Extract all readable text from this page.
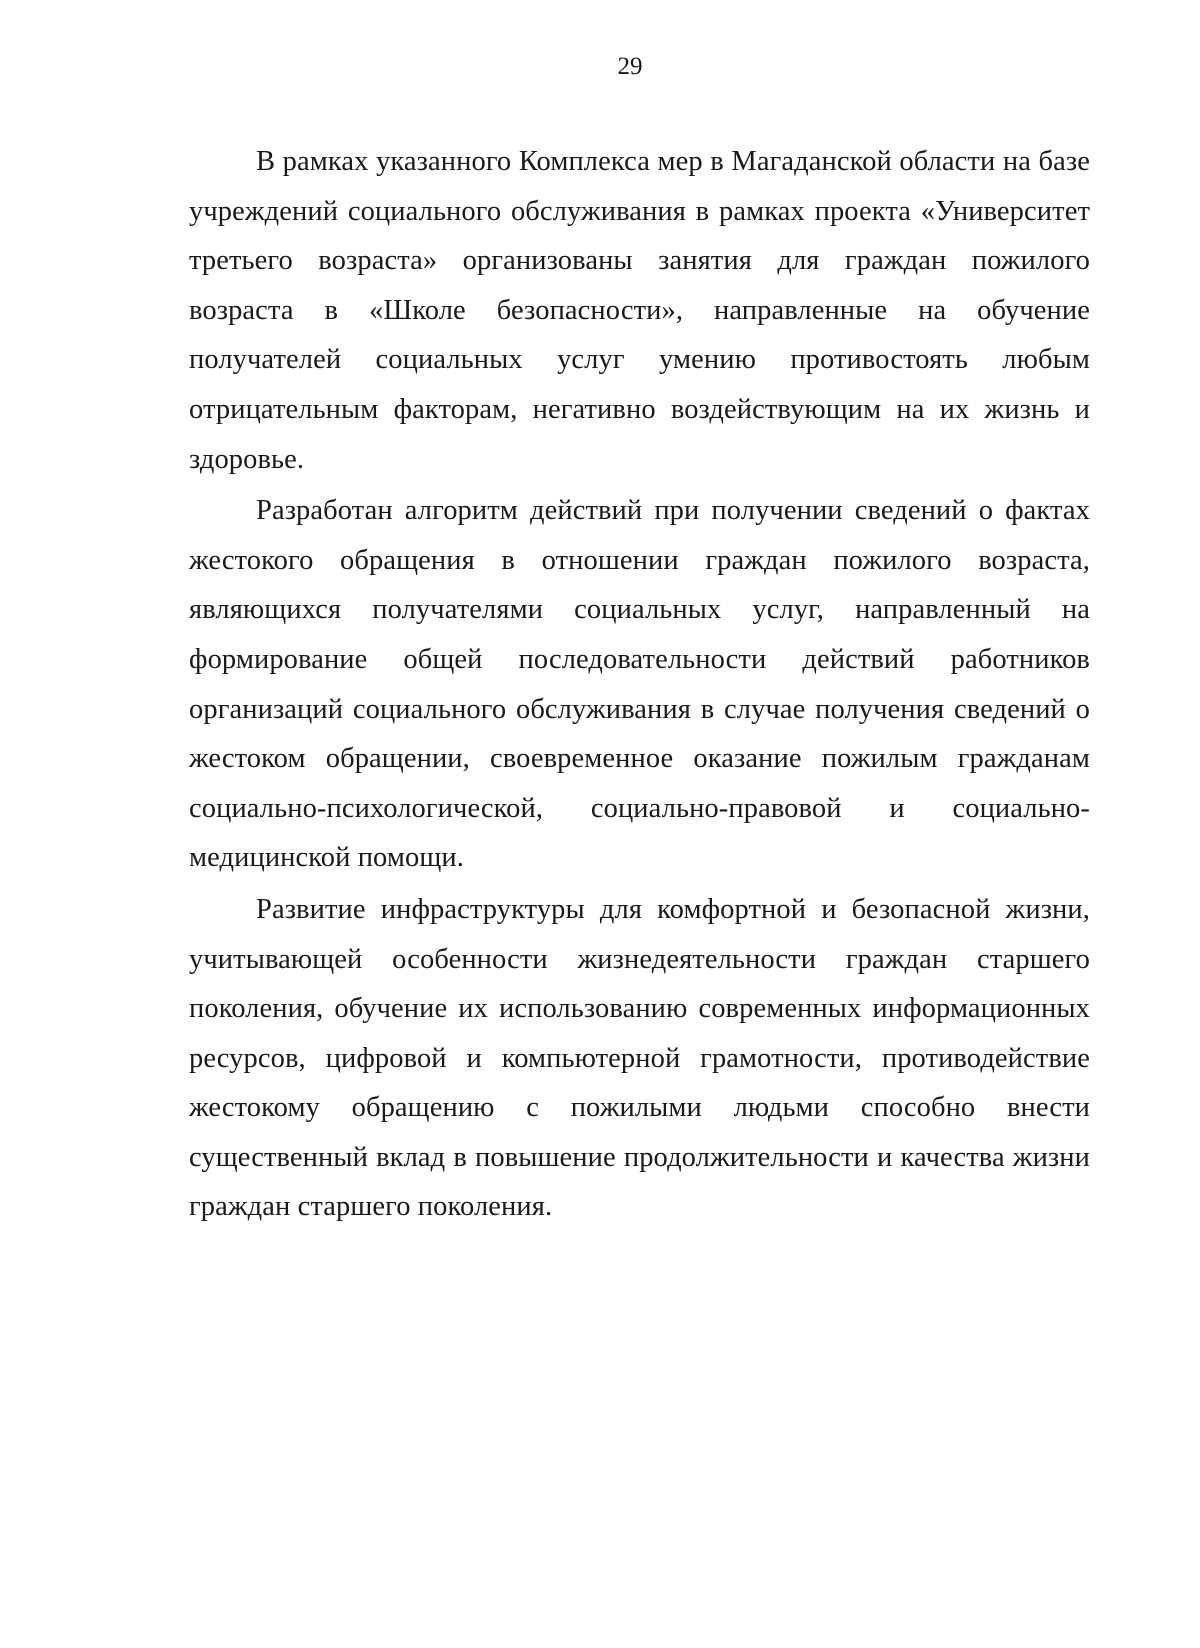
29

В рамках указанного Комплекса мер в Магаданской области на базе учреждений социального обслуживания в рамках проекта «Университет третьего возраста» организованы занятия для граждан пожилого возраста в «Школе безопасности», направленные на обучение получателей социальных услуг умению противостоять любым отрицательным факторам, негативно воздействующим на их жизнь и здоровье.

Разработан алгоритм действий при получении сведений о фактах жестокого обращения в отношении граждан пожилого возраста, являющихся получателями социальных услуг, направленный на формирование общей последовательности действий работников организаций социального обслуживания в случае получения сведений о жестоком обращении, своевременное оказание пожилым гражданам социально-психологической, социально-правовой и социально-медицинской помощи.

Развитие инфраструктуры для комфортной и безопасной жизни, учитывающей особенности жизнедеятельности граждан старшего поколения, обучение их использованию современных информационных ресурсов, цифровой и компьютерной грамотности, противодействие жестокому обращению с пожилыми людьми способно внести существенный вклад в повышение продолжительности и качества жизни граждан старшего поколения.
